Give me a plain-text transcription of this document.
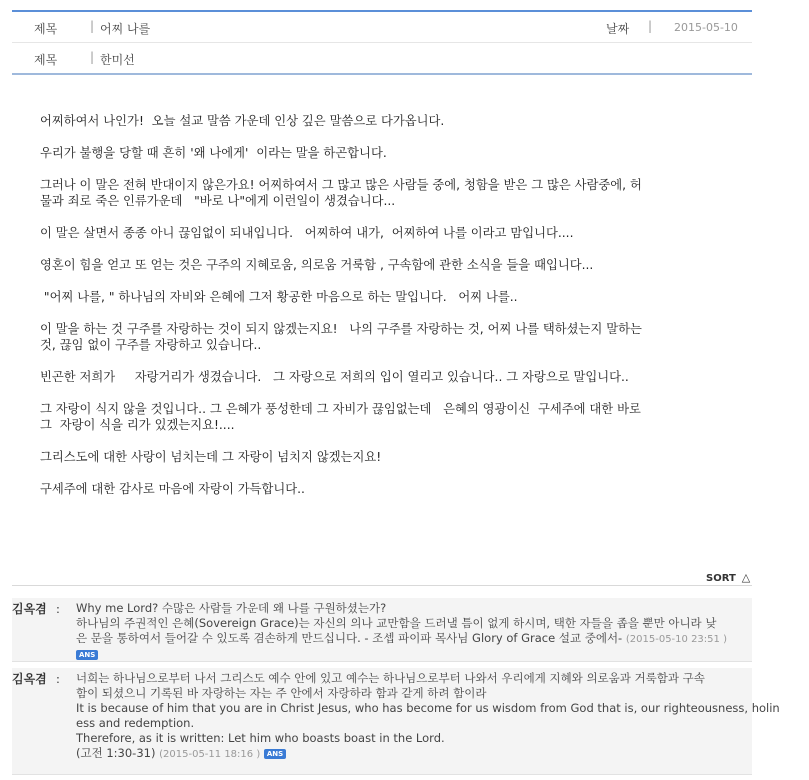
제목	| 어찌 나를	날짜 | 2015-05-10
제목	| 한미선

어찌하여서 나인가!  오늘 설교 말씀 가운데 인상 깊은 말씀으로 다가옵니다.

우리가 불행을 당할 때 흔히 '왜 나에게'  이라는 말을 하곤합니다.

그러나 이 말은 전혀 반대이지 않은가요! 어찌하여서 그 많고 많은 사람들 중에, 청함을 받은 그 많은 사람중에, 허
물과 죄로 죽은 인류가운데   "바로 나"에게 이런일이 생겼습니다...

이 말은 살면서 종종 아니 끊임없이 되내입니다.   어찌하여 내가,  어찌하여 나를 이라고 맘입니다....

영혼이 힘을 얻고 또 얻는 것은 구주의 지혜로움, 의로움 거룩함 , 구속함에 관한 소식을 들을 때입니다...

"어찌 나를, " 하나님의 자비와 은혜에 그저 황공한 마음으로 하는 말입니다.   어찌 나를..

이 말을 하는 것 구주를 자랑하는 것이 되지 않겠는지요!   나의 구주를 자랑하는 것, 어찌 나를 택하셨는지 말하는
것, 끊임 없이 구주를 자랑하고 있습니다..

빈곤한 저희가     자랑거리가 생겼습니다.   그 자랑으로 저희의 입이 열리고 있습니다.. 그 자랑으로 말입니다..

그 자랑이 식지 않을 것입니다.. 그 은혜가 풍성한데 그 자비가 끊임없는데   은혜의 영광이신  구세주에 대한 바로
그  자랑이 식을 리가 있겠는지요!....

그리스도에 대한 사랑이 넘치는데 그 자랑이 넘치지 않겠는지요!

구세주에 대한 감사로 마음에 자랑이 가득합니다..

SORT △
김옥겸 : Why me Lord? 수많은 사람들 가운데 왜 나를 구원하셨는가?
하나님의 주권적인 은혜(Sovereign Grace)는 자신의 의나 교만함을 드러낼 틈이 없게 하시며, 택한 자들을 좁을 뿐만 아니라 낮
은 문을 통하여서 들어갈 수 있도록 겸손하게 만드십니다. - 조셉 파이파 목사님 Glory of Grace 설교 중에서- (2015-05-10 23:51 )
ANS
김옥겸 : 너희는 하나님으로부터 나서 그리스도 예수 안에 있고 예수는 하나님으로부터 나와서 우리에게 지혜와 의로움과 거룩함과 구속
함이 되셨으니 기록된 바 자랑하는 자는 주 안에서 자랑하라 함과 같게 하려 함이라
It is because of him that you are in Christ Jesus, who has become for us wisdom from God that is, our righteousness, holin
ess and redemption.
Therefore, as it is written: Let him who boasts boast in the Lord.
(고전 1:30-31) (2015-05-11 18:16 ) ANS
